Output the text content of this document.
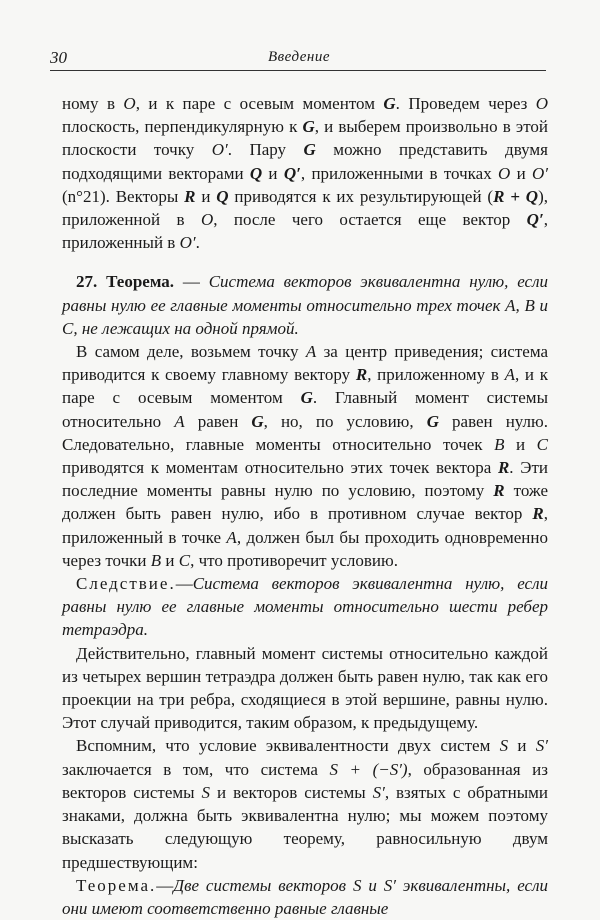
30	Введение

ному в O, и к паре с осевым моментом G. Проведем через O плоскость, перпендикулярную к G, и выберем произвольно в этой плоскости точку O′. Пару G можно представить двумя подходящими векторами Q и Q′, приложенными в точках O и O′ (n°21). Векторы R и Q приводятся к их результирующей (R + Q), приложенной в O, после чего остается еще вектор Q′, приложенный в O′.

27. Теорема. — Система векторов эквивалентна нулю, если равны нулю ее главные моменты относительно трех точек A, B и C, не лежащих на одной прямой.

В самом деле, возьмем точку A за центр приведения; система приводится к своему главному вектору R, приложенному в A, и к паре с осевым моментом G. Главный момент системы относительно A равен G, но, по условию, G равен нулю. Следовательно, главные моменты относительно точек B и C приводятся к моментам относительно этих точек вектора R. Эти последние моменты равны нулю по условию, поэтому R тоже должен быть равен нулю, ибо в противном случае вектор R, приложенный в точке A, должен был бы проходить одновременно через точки B и C, что противоречит условию.

Следствие.—Система векторов эквивалентна нулю, если равны нулю ее главные моменты относительно шести ребер тетраэдра.

Действительно, главный момент системы относительно каждой из четырех вершин тетраэдра должен быть равен нулю, так как его проекции на три ребра, сходящиеся в этой вершине, равны нулю. Этот случай приводится, таким образом, к предыдущему.

Вспомним, что условие эквивалентности двух систем S и S′ заключается в том, что система S + (−S′), образованная из векторов системы S и векторов системы S′, взятых с обратными знаками, должна быть эквивалентна нулю; мы можем поэтому высказать следующую теорему, равносильную двум предшествующим:

Теорема.—Две системы векторов S и S′ эквивалентны, если они имеют соответственно равные главные
